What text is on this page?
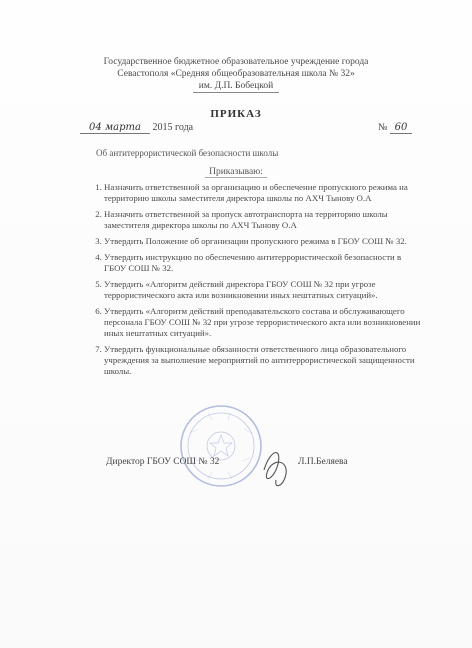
Государственное бюджетное образовательное учреждение города
Севастополя «Средняя общеобразовательная школа № 32»
им. Д.П. Бобецкой
ПРИКАЗ
04 марта 2015 года	№ 60
Об антитеррористической безопасности школы
Приказываю:
1. Назначить ответственной за организацию и обеспечение пропускного режима на территорию школы заместителя директора школы по АХЧ Тынову О.А
2. Назначить ответственной за пропуск автотранспорта на территорию школы заместителя директора школы по АХЧ Тынову О.А
3. Утвердить Положение об организации пропускного режима в ГБОУ СОШ № 32.
4. Утвердить инструкцию по обеспечению антитеррористической безопасности в ГБОУ СОШ № 32.
5. Утвердить «Алгоритм действий директора ГБОУ СОШ № 32 при угрозе террористического акта или возникновении иных нештатных ситуаций».
6. Утвердить «Алгоритм действий преподавательского состава и обслуживающего персонала ГБОУ СОШ № 32 при угрозе террористического акта или возникновении иных нештатных ситуаций».
7. Утвердить функциональные обязанности ответственного лица образовательного учреждения за выполнение мероприятий по антитеррористической защищенности школы.
Директор ГБОУ СОШ № 32	Л.П.Беляева
